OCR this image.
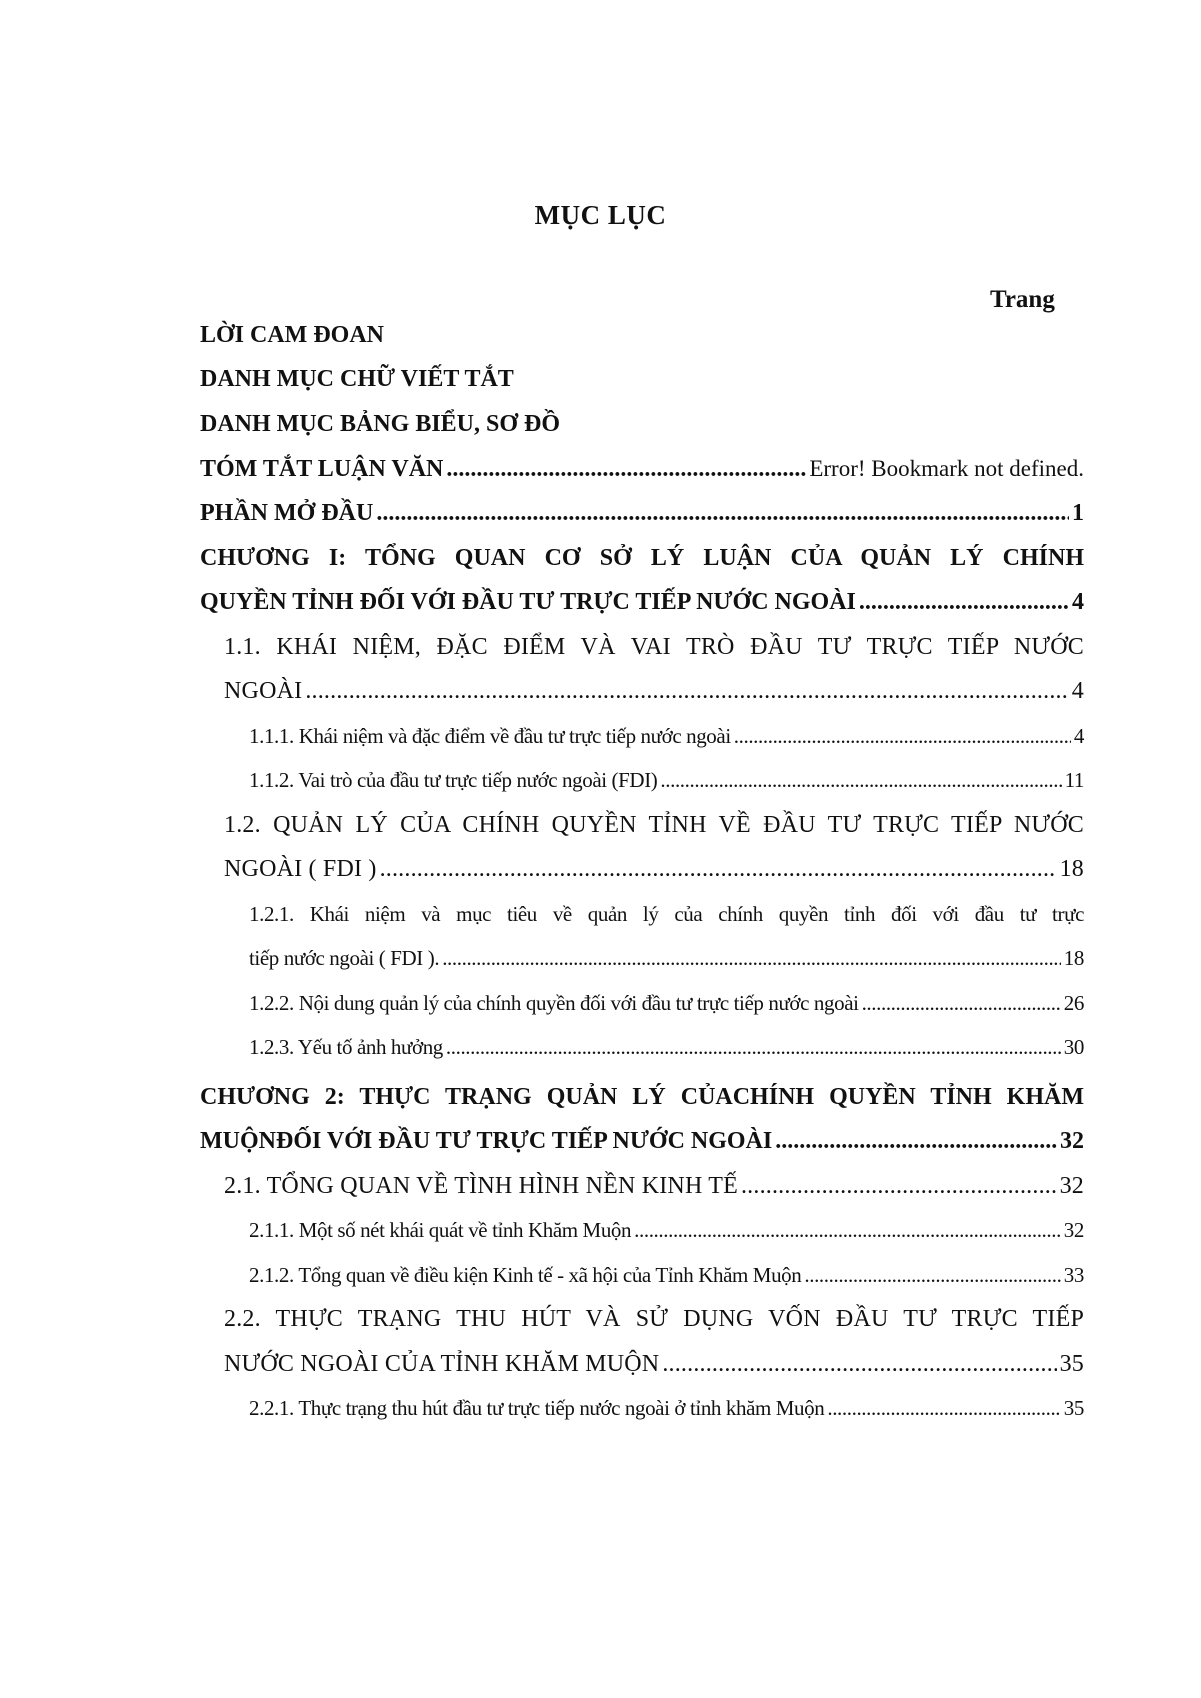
MỤC LỤC
Trang
LỜI CAM ĐOAN
DANH MỤC CHỮ VIẾT TẮT
DANH MỤC BẢNG BIỂU, SƠ ĐỒ
TÓM TẮT LUẬN VĂN .....	Error! Bookmark not defined.
PHẦN MỞ ĐẦU .....	1
CHƯƠNG I: TỔNG QUAN CƠ SỞ LÝ LUẬN CỦA QUẢN LÝ CHÍNH
QUYỀN TỈNH ĐỐI VỚI ĐẦU TƯ TRỰC TIẾP NƯỚC NGOÀI .....	4
1.1. KHÁI NIỆM, ĐẶC ĐIỂM VÀ VAI TRÒ ĐẦU TƯ TRỰC TIẾP NƯỚC
NGOÀI .....	4
1.1.1. Khái niệm và đặc điểm về đầu tư trực tiếp nước ngoài .....	4
1.1.2. Vai trò của đầu tư trực tiếp nước ngoài (FDI) .....	11
1.2. QUẢN LÝ CỦA CHÍNH QUYỀN TỈNH VỀ ĐẦU TƯ TRỰC TIẾP NƯỚC
NGOÀI ( FDI ) .....	18
1.2.1. Khái niệm và mục tiêu về quản lý của chính quyền tỉnh đối với đầu tư trực
tiếp nước ngoài ( FDI ). .....	18
1.2.2. Nội dung quản lý của chính quyền đối với đầu tư trực tiếp nước ngoài .....	26
1.2.3. Yếu tố ảnh hưởng .....	30
CHƯƠNG 2: THỰC TRẠNG QUẢN LÝ CỦACHÍNH QUYỀN TỈNH KHĂM
MUỘNĐỐI VỚI ĐẦU TƯ TRỰC TIẾP NƯỚC NGOÀI .....	32
2.1. TỔNG QUAN VỀ TÌNH HÌNH NỀN KINH TẾ .....	32
2.1.1. Một số nét khái quát về tỉnh Khăm Muộn .....	32
2.1.2. Tổng quan về điều kiện Kinh tế - xã hội của Tỉnh Khăm Muộn .....	33
2.2. THỰC TRẠNG THU HÚT VÀ SỬ DỤNG VỐN ĐẦU TƯ TRỰC TIẾP
NƯỚC NGOÀI CỦA TỈNH KHĂM MUỘN .....	35
2.2.1. Thực trạng thu hút đầu tư trực tiếp nước ngoài ở tỉnh khăm Muộn .....	35
